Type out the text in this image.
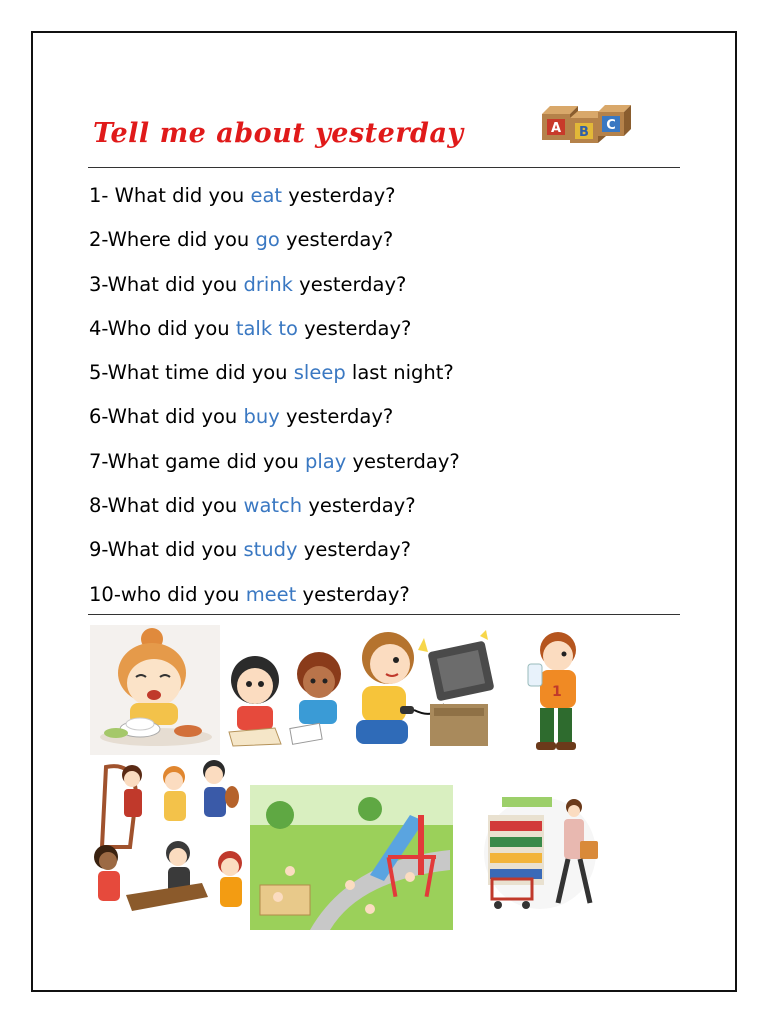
Tell me about yesterday	A B C
1- What did you eat yesterday?
2-Where did you go yesterday?
3-What did you drink yesterday?
4-Who did you talk to yesterday?
5-What time did you sleep last night?
6-What did you buy yesterday?
7-What game did you play yesterday?
8-What did you watch yesterday?
9-What did you study yesterday?
10-who did you meet yesterday?
1
